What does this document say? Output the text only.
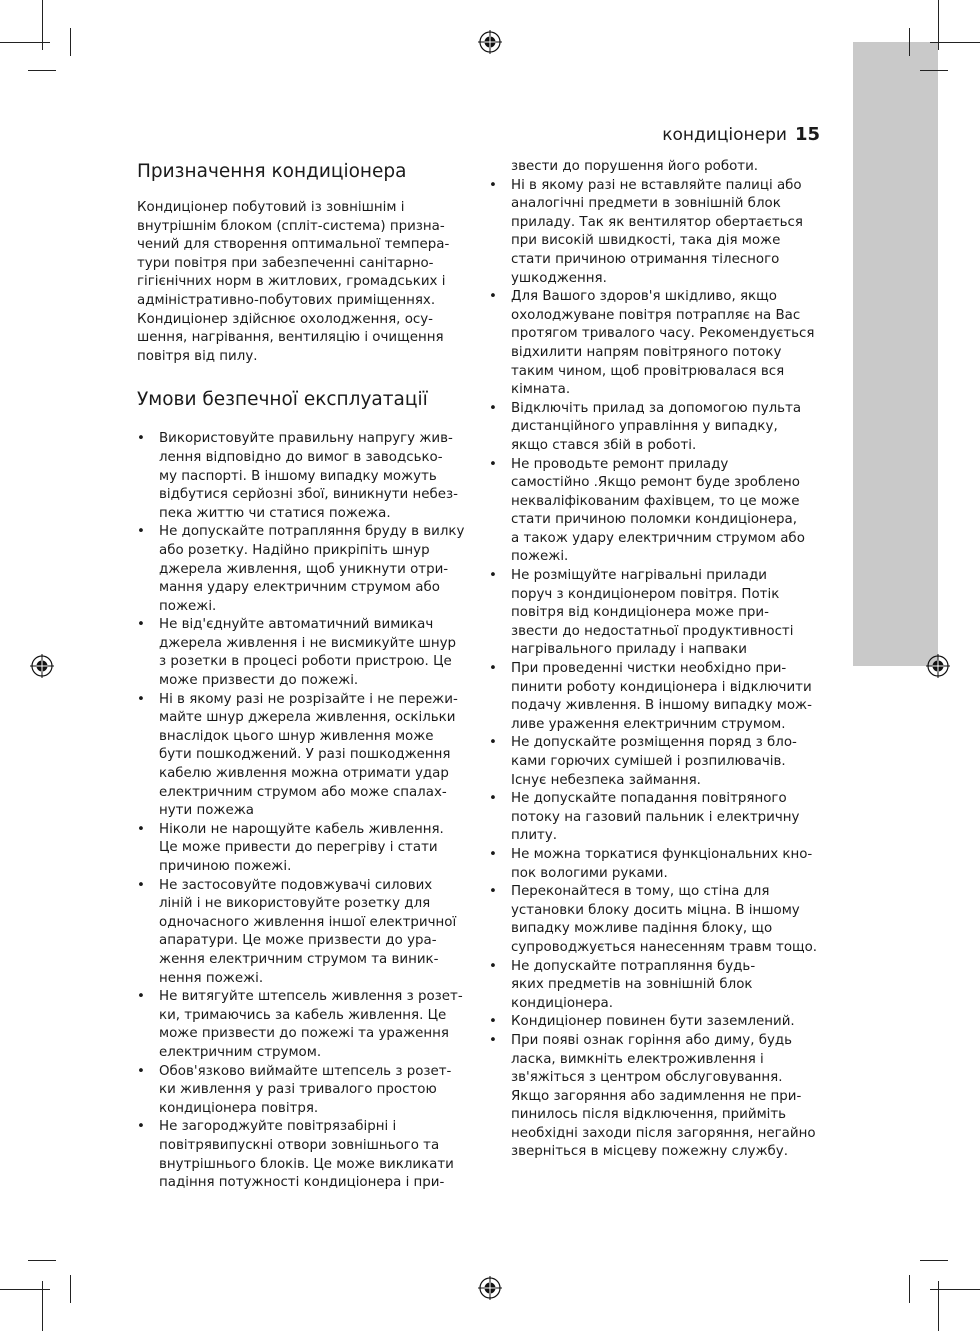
кондиціонери 15
Призначення кондиціонера
Кондиціонер побутовий із зовнішнім і
внутрішнім блоком (спліт-система) призна-
чений для створення оптимальної темпера-
тури повітря при забезпеченні санітарно-
гігієнічних норм в житлових, громадських і
адміністративно-побутових приміщеннях.
Кондиціонер здійснює охолодження, осу-
шення, нагрівання, вентиляцію і очищення
повітря від пилу.
Умови безпечної експлуатації
• Використовуйте правильну напругу жив-
лення відповідно до вимог в заводсько-
му паспорті. В іншому випадку можуть
відбутися серйозні збої, виникнути небез-
пека життю чи статися пожежа.
• Не допускайте потрапляння бруду в вилку
або розетку. Надійно прикріпіть шнур
джерела живлення, щоб уникнути отри-
мання удару електричним струмом або
пожежі.
• Не від'єднуйте автоматичний вимикач
джерела живлення і не висмикуйте шнур
з розетки в процесі роботи пристрою. Це
може призвести до пожежі.
• Ні в якому разі не розрізайте і не пережи-
майте шнур джерела живлення, оскільки
внаслідок цього шнур живлення може
бути пошкоджений. У разі пошкодження
кабелю живлення можна отримати удар
електричним струмом або може спалах-
нути пожежа
• Ніколи не нарощуйте кабель живлення.
Це може привести до перегріву і стати
причиною пожежі.
• Не застосовуйте подовжувачі силових
ліній і не використовуйте розетку для
одночасного живлення іншої електричної
апаратури. Це може призвести до ура-
ження електричним струмом та виник-
нення пожежі.
• Не витягуйте штепсель живлення з розет-
ки, тримаючись за кабель живлення. Це
може призвести до пожежі та ураження
електричним струмом.
• Обов'язково виймайте штепсель з розет-
ки живлення у разі тривалого простою
кондиціонера повітря.
• Не загороджуйте повітрязабірні і
повітрявипускні отвори зовнішнього та
внутрішнього блоків. Це може викликати
падіння потужності кондиціонера і при-
звести до порушення його роботи.
• Ні в якому разі не вставляйте палиці або
аналогічні предмети в зовнішній блок
приладу. Так як вентилятор обертається
при високій швидкості, така дія може
стати причиною отримання тілесного
ушкодження.
• Для Вашого здоров'я шкідливо, якщо
охолоджуване повітря потрапляє на Вас
протягом тривалого часу. Рекомендується
відхилити напрям повітряного потоку
таким чином, щоб провітрювалася вся
кімната.
• Відключіть прилад за допомогою пульта
дистанційного управління у випадку,
якщо стався збій в роботі.
• Не проводьте ремонт приладу
самостійно .Якщо ремонт буде зроблено
некваліфікованим фахівцем, то це може
стати причиною поломки кондиціонера,
а також удару електричним струмом або
пожежі.
• Не розміщуйте нагрівальні прилади
поруч з кондиціонером повітря. Потік
повітря від кондиціонера може при-
звести до недостатньої продуктивності
нагрівального приладу і напваки
• При проведенні чистки необхідно при-
пинити роботу кондиціонера і відключити
подачу живлення. В іншому випадку мож-
ливе ураження електричним струмом.
• Не допускайте розміщення поряд з бло-
ками горючих сумішей і розпилювачів.
Існує небезпека займання.
• Не допускайте попадання повітряного
потоку на газовий пальник і електричну
плиту.
• Не можна торкатися функціональних кно-
пок вологими руками.
• Переконайтеся в тому, що стіна для
установки блоку досить міцна. В іншому
випадку можливе падіння блоку, що
супроводжується нанесенням травм тощо.
• Не допускайте потрапляння будь-
яких предметів на зовнішній блок
кондиціонера.
• Кондиціонер повинен бути заземлений.
• При появі ознак горіння або диму, будь
ласка, вимкніть електроживлення і
зв'яжіться з центром обслуговування.
Якщо загоряння або задимлення не при-
пинилось після відключення, прийміть
необхідні заходи після загоряння, негайно
зверніться в місцеву пожежну службу.
